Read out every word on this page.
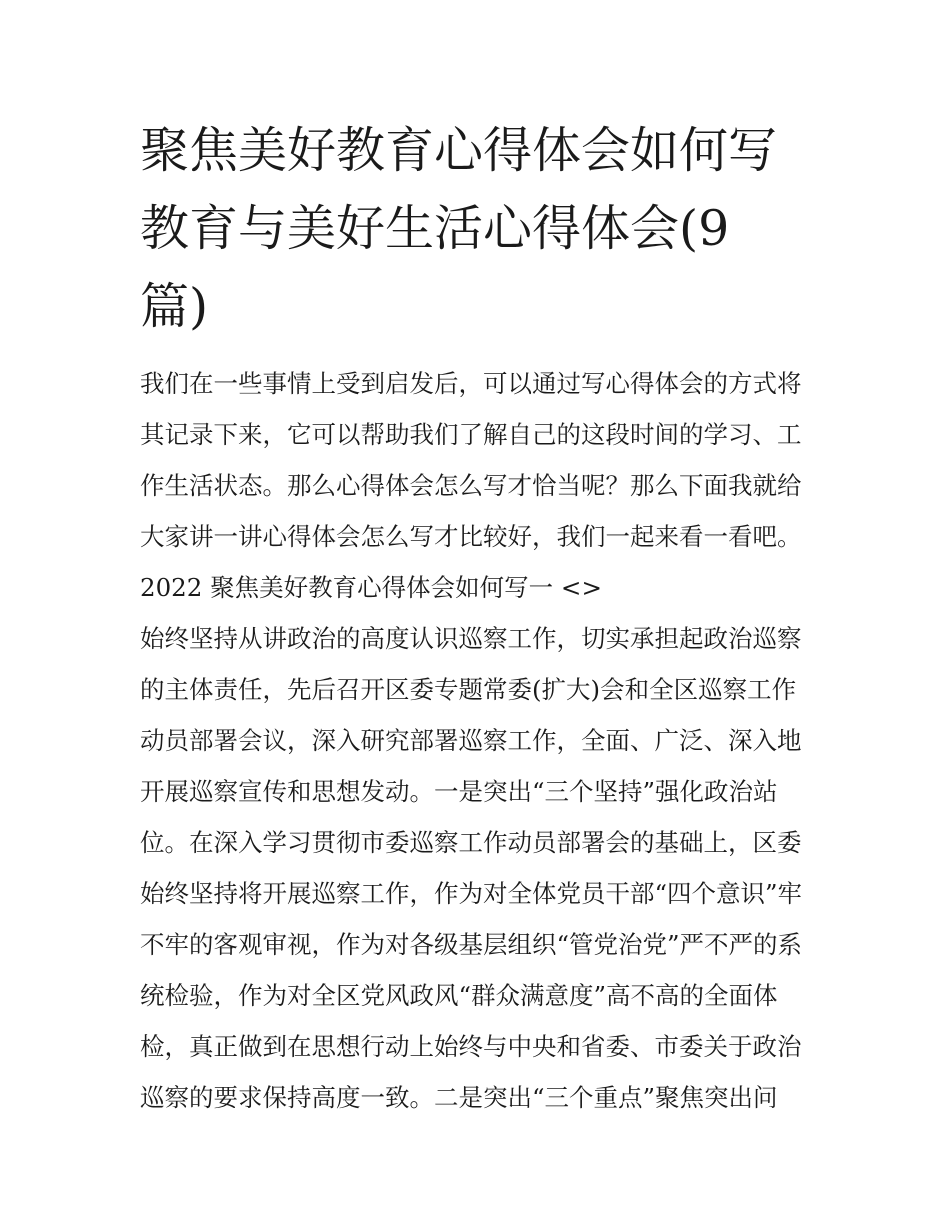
聚焦美好教育心得体会如何写
教育与美好生活心得体会(9
篇)

我们在一些事情上受到启发后，可以通过写心得体会的方式将
其记录下来，它可以帮助我们了解自己的这段时间的学习、工
作生活状态。那么心得体会怎么写才恰当呢？那么下面我就给
大家讲一讲心得体会怎么写才比较好，我们一起来看一看吧。

2022 聚焦美好教育心得体会如何写一 <>

始终坚持从讲政治的高度认识巡察工作，切实承担起政治巡察
的主体责任，先后召开区委专题常委(扩大)会和全区巡察工作
动员部署会议，深入研究部署巡察工作，全面、广泛、深入地
开展巡察宣传和思想发动。一是突出“三个坚持”强化政治站
位。在深入学习贯彻市委巡察工作动员部署会的基础上，区委
始终坚持将开展巡察工作，作为对全体党员干部“四个意识”牢
不牢的客观审视，作为对各级基层组织“管党治党”严不严的系
统检验，作为对全区党风政风“群众满意度”高不高的全面体
检，真正做到在思想行动上始终与中央和省委、市委关于政治
巡察的要求保持高度一致。二是突出“三个重点”聚焦突出问
